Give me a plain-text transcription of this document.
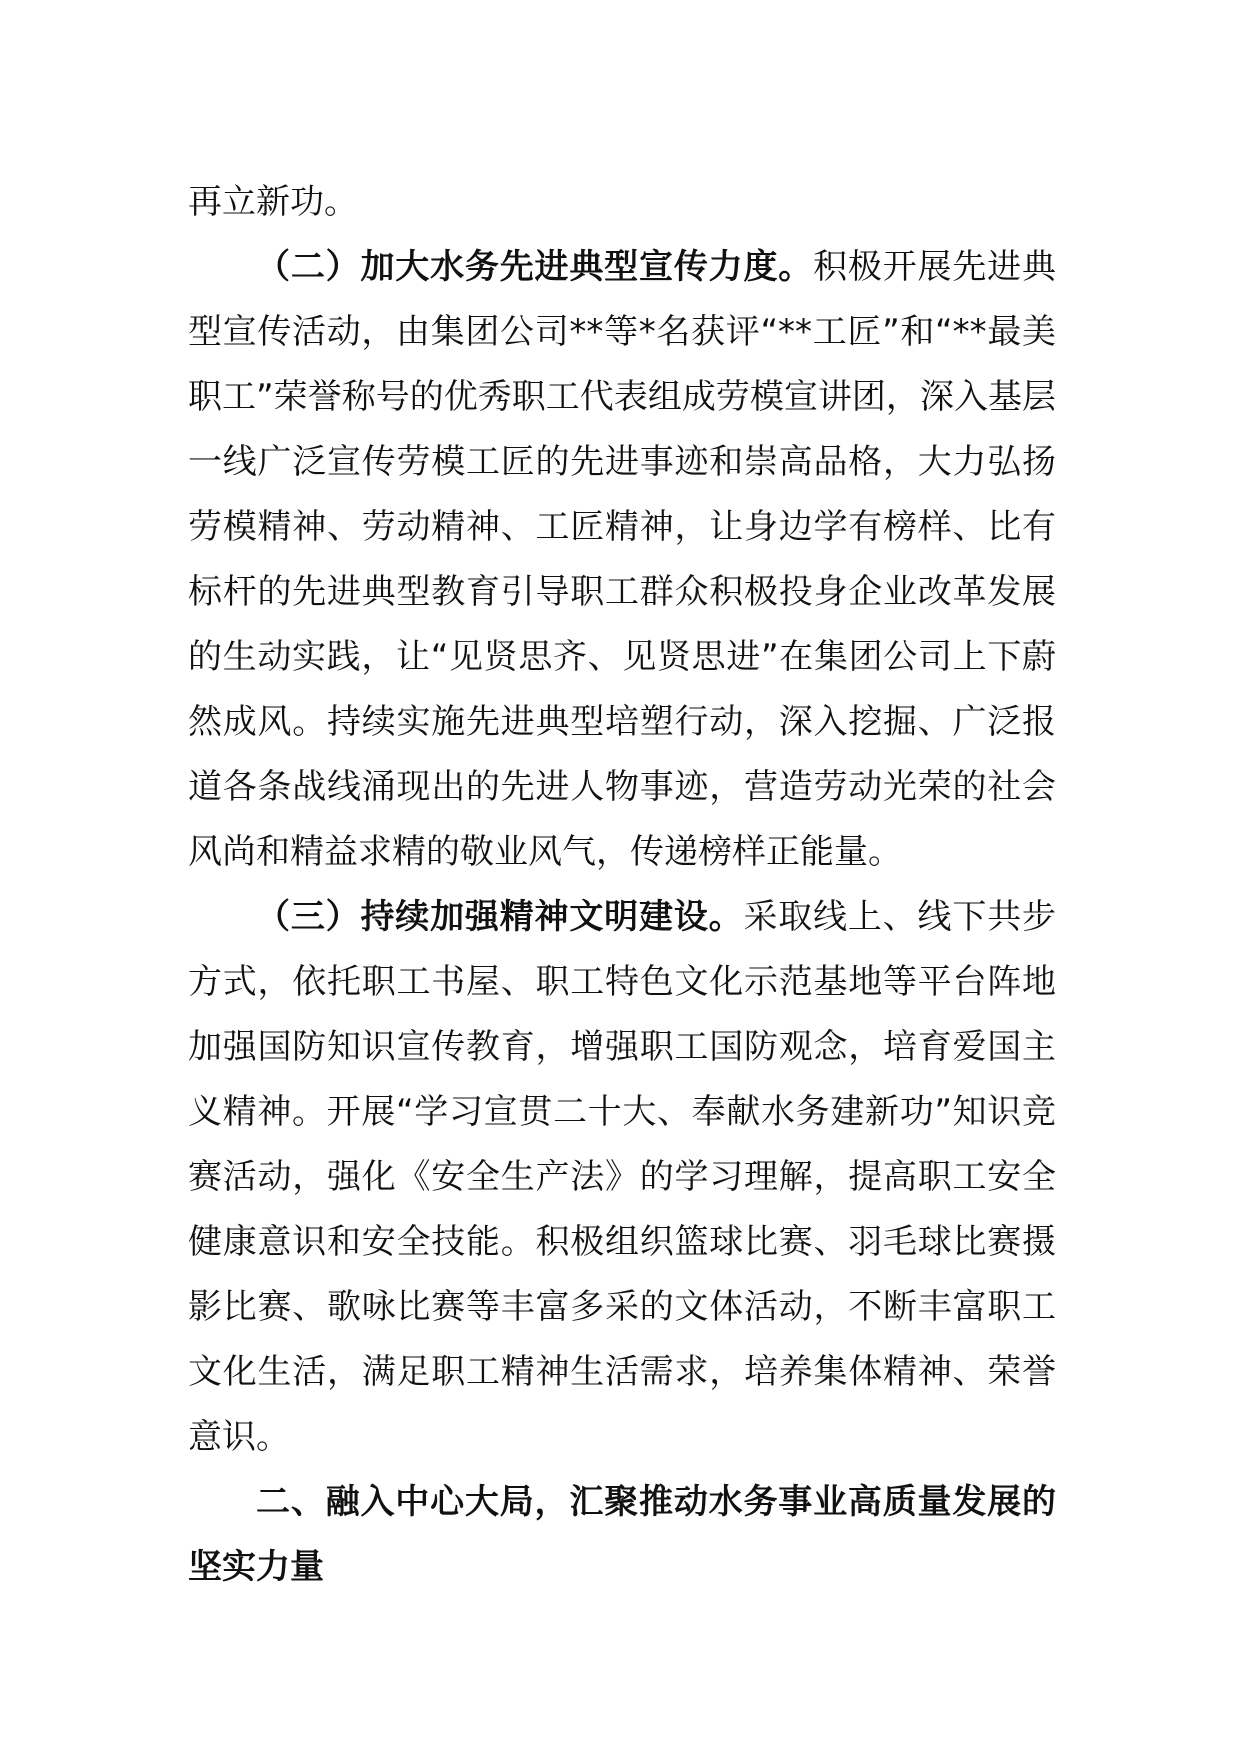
再立新功。

（二）加大水务先进典型宣传力度。积极开展先进典型宣传活动，由集团公司**等*名获评“**工匠”和“**最美职工”荣誉称号的优秀职工代表组成劳模宣讲团，深入基层一线广泛宣传劳模工匠的先进事迹和崇高品格，大力弘扬劳模精神、劳动精神、工匠精神，让身边学有榜样、比有标杆的先进典型教育引导职工群众积极投身企业改革发展的生动实践，让“见贤思齐、见贤思进”在集团公司上下蔚然成风。持续实施先进典型培塑行动，深入挖掘、广泛报道各条战线涌现出的先进人物事迹，营造劳动光荣的社会风尚和精益求精的敬业风气，传递榜样正能量。

（三）持续加强精神文明建设。采取线上、线下共步方式，依托职工书屋、职工特色文化示范基地等平台阵地加强国防知识宣传教育，增强职工国防观念，培育爱国主义精神。开展“学习宣贯二十大、奉献水务建新功”知识竞赛活动，强化《安全生产法》的学习理解，提高职工安全健康意识和安全技能。积极组织篮球比赛、羽毛球比赛摄影比赛、歌咏比赛等丰富多采的文体活动，不断丰富职工文化生活，满足职工精神生活需求，培养集体精神、荣誉意识。

二、融入中心大局，汇聚推动水务事业高质量发展的坚实力量
